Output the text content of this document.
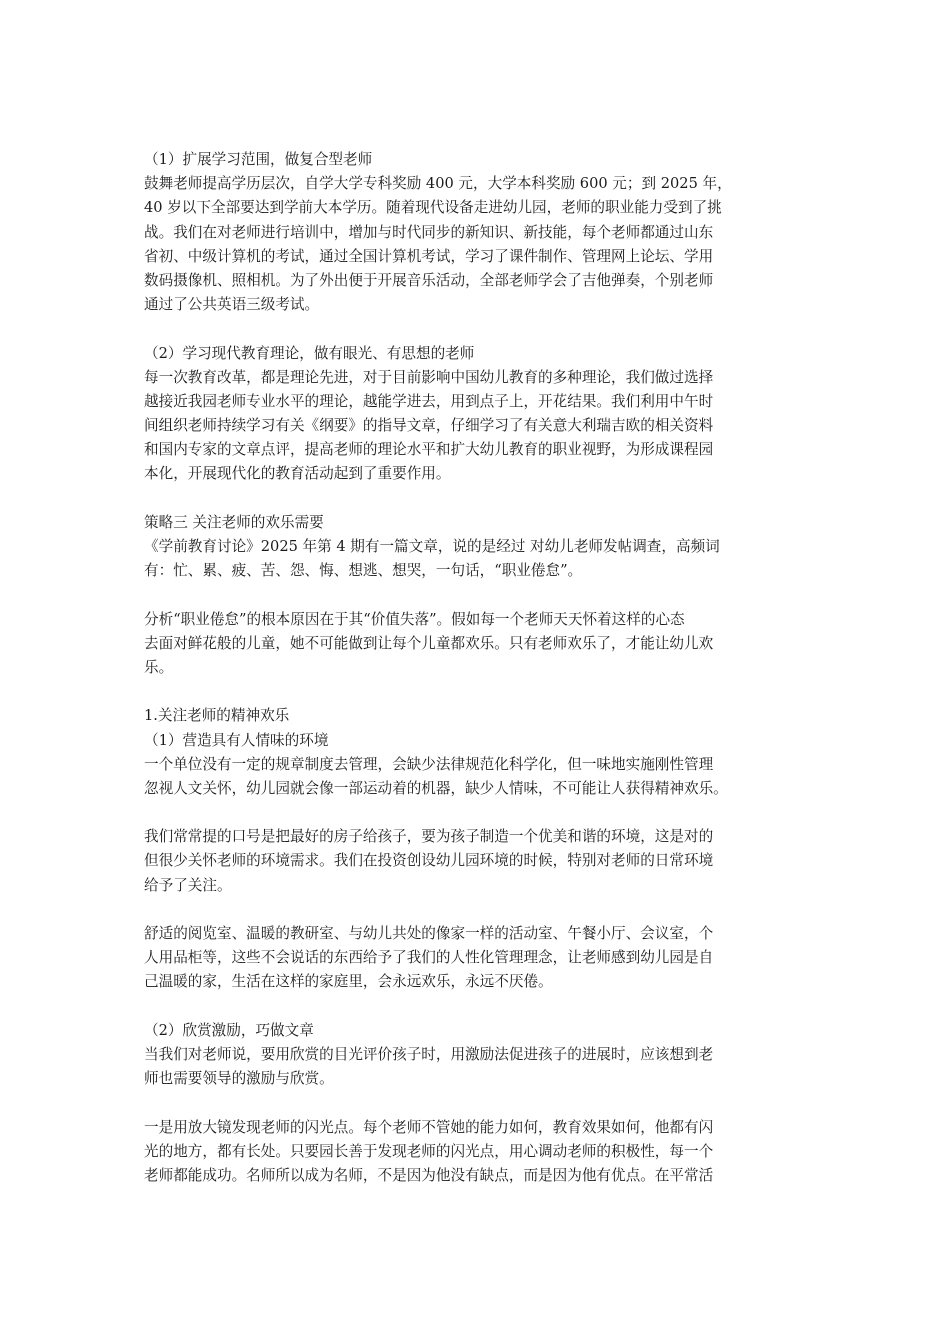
（1）扩展学习范围，做复合型老师
鼓舞老师提高学历层次，自学大学专科奖励 400 元，大学本科奖励 600 元；到 2025 年，
40 岁以下全部要达到学前大本学历。随着现代设备走进幼儿园，老师的职业能力受到了挑
战。我们在对老师进行培训中，增加与时代同步的新知识、新技能，每个老师都通过山东
省初、中级计算机的考试，通过全国计算机考试，学习了课件制作、管理网上论坛、学用
数码摄像机、照相机。为了外出便于开展音乐活动，全部老师学会了吉他弹奏，个别老师
通过了公共英语三级考试。
（2）学习现代教育理论，做有眼光、有思想的老师
每一次教育改革，都是理论先进，对于目前影响中国幼儿教育的多种理论，我们做过选择
越接近我园老师专业水平的理论，越能学进去，用到点子上，开花结果。我们利用中午时
间组织老师持续学习有关《纲要》的指导文章，仔细学习了有关意大利瑞吉欧的相关资料
和国内专家的文章点评，提高老师的理论水平和扩大幼儿教育的职业视野，为形成课程园
本化，开展现代化的教育活动起到了重要作用。
策略三 关注老师的欢乐需要
《学前教育讨论》2025 年第 4 期有一篇文章，说的是经过 对幼儿老师发帖调查，高频词
有：忙、累、疲、苦、怨、悔、想逃、想哭，一句话，“职业倦怠”。
分析“职业倦怠”的根本原因在于其“价值失落”。假如每一个老师天天怀着这样的心态
去面对鲜花般的儿童，她不可能做到让每个儿童都欢乐。只有老师欢乐了，才能让幼儿欢
乐。
1.关注老师的精神欢乐
（1）营造具有人情味的环境
一个单位没有一定的规章制度去管理，会缺少法律规范化科学化，但一味地实施刚性管理
忽视人文关怀，幼儿园就会像一部运动着的机器，缺少人情味，不可能让人获得精神欢乐。
我们常常提的口号是把最好的房子给孩子，要为孩子制造一个优美和谐的环境，这是对的
但很少关怀老师的环境需求。我们在投资创设幼儿园环境的时候，特别对老师的日常环境
给予了关注。
舒适的阅览室、温暖的教研室、与幼儿共处的像家一样的活动室、午餐小厅、会议室，个
人用品柜等，这些不会说话的东西给予了我们的人性化管理理念，让老师感到幼儿园是自
己温暖的家，生活在这样的家庭里，会永远欢乐，永远不厌倦。
（2）欣赏激励，巧做文章
当我们对老师说，要用欣赏的目光评价孩子时，用激励法促进孩子的进展时，应该想到老
师也需要领导的激励与欣赏。
一是用放大镜发现老师的闪光点。每个老师不管她的能力如何，教育效果如何，他都有闪
光的地方，都有长处。只要园长善于发现老师的闪光点，用心调动老师的积极性，每一个
老师都能成功。名师所以成为名师，不是因为他没有缺点，而是因为他有优点。在平常活
